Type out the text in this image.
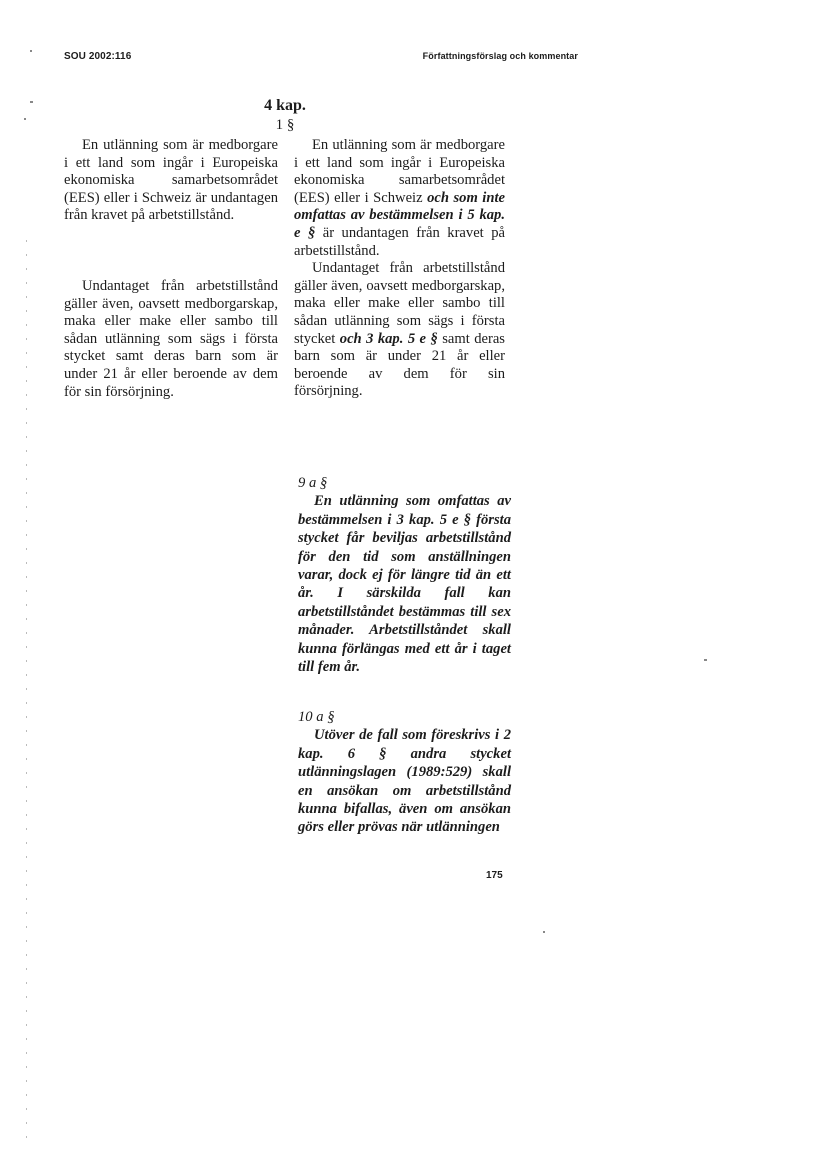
SOU 2002:116	Författningsförslag och kommentar
4 kap.
1 §

En utlänning som är medborgare i ett land som ingår i Europeiska ekonomiska samarbetsområdet (EES) eller i Schweiz är undantagen från kravet på arbetstillstånd.

Undantaget från arbetstillstånd gäller även, oavsett medborgarskap, maka eller make eller sambo till sådan utlänning som sägs i första stycket samt deras barn som är under 21 år eller beroende av dem för sin försörjning.

En utlänning som är medborgare i ett land som ingår i Europeiska ekonomiska samarbetsområdet (EES) eller i Schweiz och som inte omfattas av bestämmelsen i 5 kap. e § är undantagen från kravet på arbetstillstånd.

Undantaget från arbetstillstånd gäller även, oavsett medborgarskap, maka eller make eller sambo till sådan utlänning som sägs i första stycket och 3 kap. 5 e § samt deras barn som är under 21 år eller beroende av dem för sin försörjning.

9 a §

En utlänning som omfattas av bestämmelsen i 3 kap. 5 e § första stycket får beviljas arbetstillstånd för den tid som anställningen varar, dock ej för längre tid än ett år. I särskilda fall kan arbetstillståndet bestämmas till sex månader. Arbetstillståndet skall kunna förlängas med ett år i taget till fem år.

10 a §

Utöver de fall som föreskrivs i 2 kap. 6 § andra stycket utlänningslagen (1989:529) skall en ansökan om arbetstillstånd kunna bifallas, även om ansökan görs eller prövas när utlänningen

175
